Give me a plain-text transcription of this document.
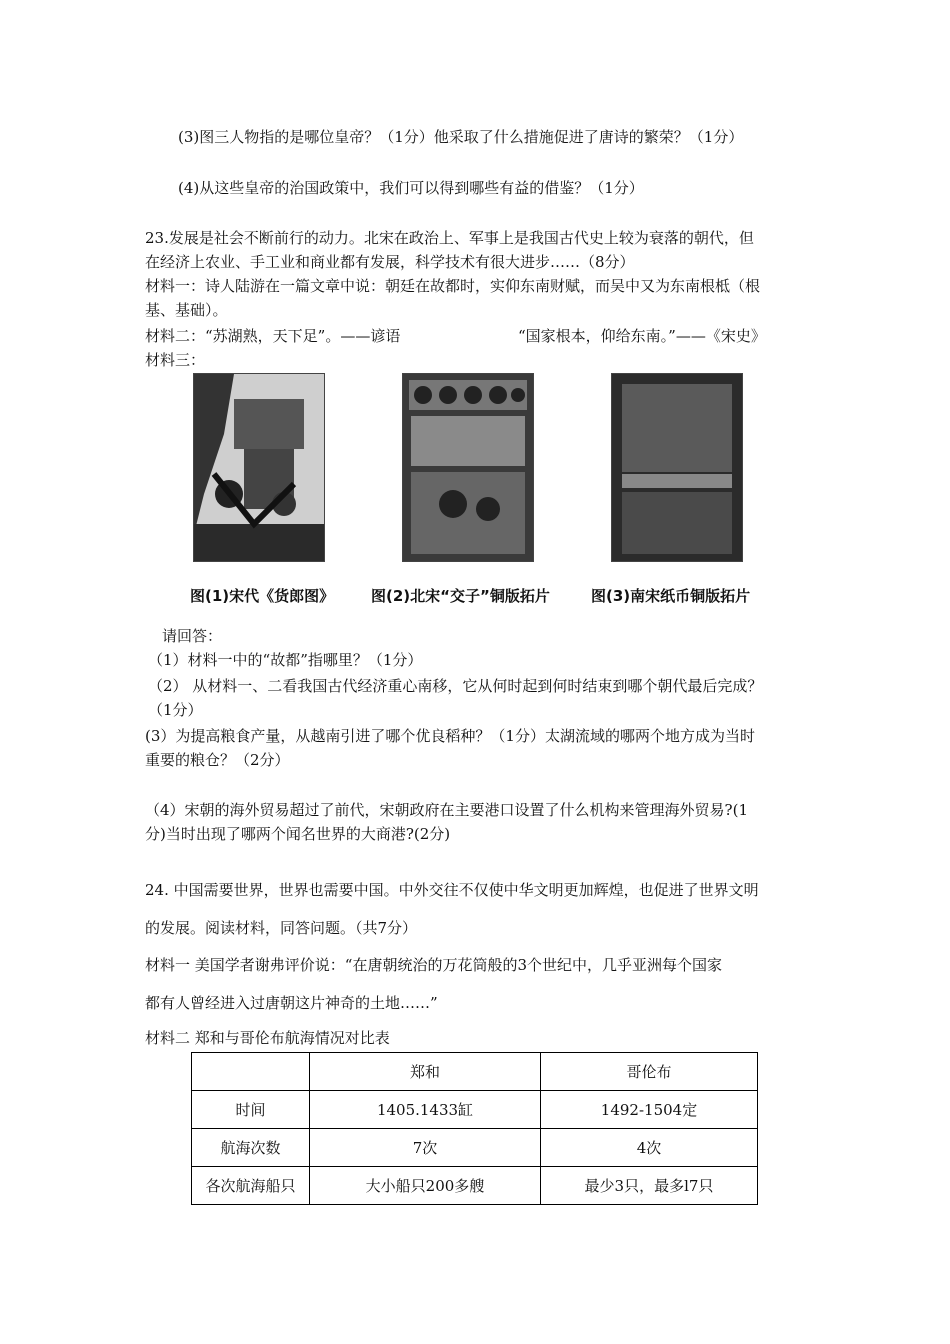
(3)图三人物指的是哪位皇帝？（1分）他采取了什么措施促进了唐诗的繁荣？（1分）
(4)从这些皇帝的治国政策中，我们可以得到哪些有益的借鉴？（1分）
23.发展是社会不断前行的动力。北宋在政治上、军事上是我国古代史上较为衰落的朝代，但
在经济上农业、手工业和商业都有发展，科学技术有很大进步……（8分）
材料一：诗人陆游在一篇文章中说：朝廷在故都时，实仰东南财赋，而吴中又为东南根柢（根
基、基础）。
材料二：“苏湖熟，天下足”。——谚语	“国家根本，仰给东南。”——《宋史》
材料三：
图(1)宋代《货郎图》 图(2)北宋“交子”铜版拓片	图(3)南宋纸币铜版拓片
请回答：
（1）材料一中的“故都”指哪里？（1分）
（2） 从材料一、二看我国古代经济重心南移，它从何时起到何时结束到哪个朝代最后完成？
（1分）
(3）为提高粮食产量，从越南引进了哪个优良稻种？（1分）太湖流域的哪两个地方成为当时
重要的粮仓？（2分）
（4）宋朝的海外贸易超过了前代，宋朝政府在主要港口设置了什么机构来管理海外贸易?(1
分)当时出现了哪两个闻名世界的大商港?(2分)
24. 中国需要世界，世界也需要中国。中外交往不仅使中华文明更加辉煌，也促进了世界文明
的发展。阅读材料，同答问题。（共7分）
材料一 美国学者谢弗评价说：“在唐朝统治的万花筒般的3个世纪中，几乎亚洲每个国家
都有人曾经进入过唐朝这片神奇的土地……”
材料二 郑和与哥伦布航海情况对比表
	郑和	哥伦布
时间	1405.1433缸	1492-1504定
航海次数	7次	4次
各次航海船只	大小船只200多艘	最少3只，最多l7只
